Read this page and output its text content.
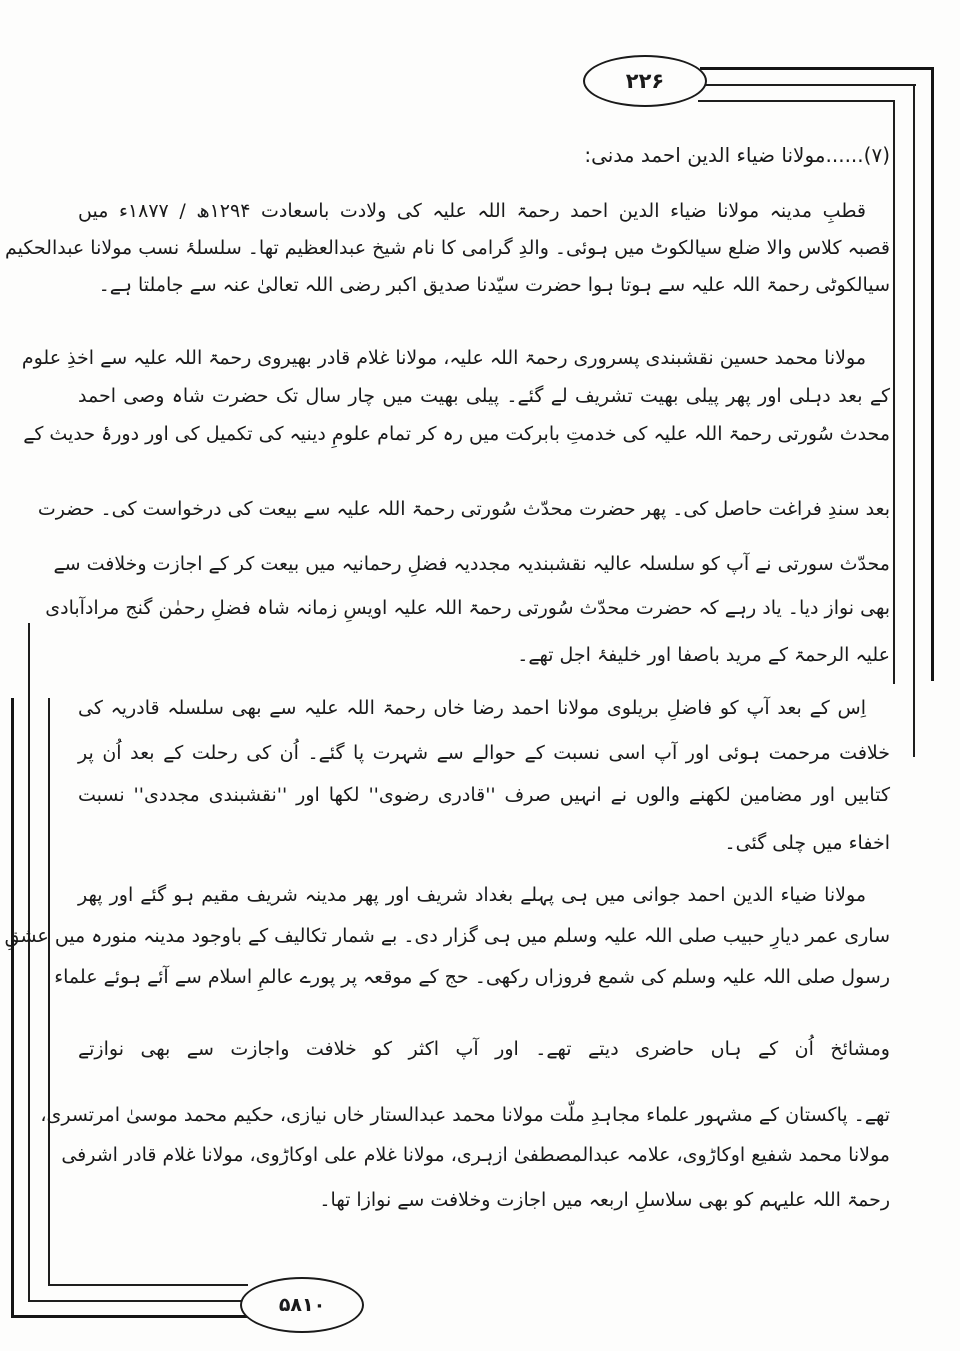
۲۲۶
۵۸۱۰
(۷)......مولانا ضیاء الدین احمد مدنی:
قطبِ مدینہ مولانا ضیاء الدین احمد رحمۃ اللہ علیہ کی ولادت باسعادت ۱۲۹۴ھ / ۱۸۷۷ء میں
قصبہ کلاس والا ضلع سیالکوٹ میں ہوئی۔ والدِ گرامی کا نام شیخ عبدالعظیم تھا۔ سلسلۂ نسب مولانا عبدالحکیم
سیالکوٹی رحمۃ اللہ علیہ سے ہوتا ہوا حضرت سیّدنا صدیق اکبر رضی اللہ تعالیٰ عنہ سے جاملتا ہے۔
مولانا محمد حسین نقشبندی پسروری رحمۃ اللہ علیہ، مولانا غلام قادر بھیروی رحمۃ اللہ علیہ سے اخذِ علوم
کے بعد دہلی اور پھر پیلی بھیت تشریف لے گئے۔ پیلی بھیت میں چار سال تک حضرت شاہ وصی احمد
محدث سُورتی رحمۃ اللہ علیہ کی خدمتِ بابرکت میں رہ کر تمام علومِ دینیہ کی تکمیل کی اور دورۂ حدیث کے
بعد سندِ فراغت حاصل کی۔ پھر حضرت محدّث سُورتی رحمۃ اللہ علیہ سے بیعت کی درخواست کی۔ حضرت
محدّث سورتی نے آپ کو سلسلہ عالیہ نقشبندیہ مجددیہ فضلِ رحمانیہ میں بیعت کر کے اجازت وخلافت سے
بھی نواز دیا۔ یاد رہے کہ حضرت محدّث سُورتی رحمۃ اللہ علیہ اویسِ زمانہ شاہ فضلِ رحمٰن گنج مرادآبادی
علیہ الرحمۃ کے مرید باصفا اور خلیفۂ اجل تھے۔
اِس کے بعد آپ کو فاضلِ بریلوی مولانا احمد رضا خاں رحمۃ اللہ علیہ سے بھی سلسلہ قادریہ کی
خلافت مرحمت ہوئی اور آپ اسی نسبت کے حوالے سے شہرت پا گئے۔ اُن کی رحلت کے بعد اُن پر
کتابیں اور مضامین لکھنے والوں نے انہیں صرف ''قادری رضوی'' لکھا اور ''نقشبندی مجددی'' نسبت
اخفاء میں چلی گئی۔
مولانا ضیاء الدین احمد جوانی میں ہی پہلے بغداد شریف اور پھر مدینہ شریف مقیم ہو گئے اور پھر
ساری عمر دیارِ حبیب صلی اللہ علیہ وسلم میں ہی گزار دی۔ بے شمار تکالیف کے باوجود مدینہ منورہ میں عشقِ
رسول صلی اللہ علیہ وسلم کی شمع فروزاں رکھی۔ حج کے موقعہ پر پورے عالمِ اسلام سے آئے ہوئے علماء
ومشائخ اُن کے ہاں حاضری دیتے تھے۔ اور آپ اکثر کو خلافت واجازت سے بھی نوازتے
تھے۔ پاکستان کے مشہور علماء مجاہدِ ملّت مولانا محمد عبدالستار خاں نیازی، حکیم محمد موسیٰ امرتسری،
مولانا محمد شفیع اوکاڑوی، علامہ عبدالمصطفیٰ ازہری، مولانا غلام علی اوکاڑوی، مولانا غلام قادر اشرفی
رحمۃ اللہ علیہم کو بھی سلاسلِ اربعہ میں اجازت وخلافت سے نوازا تھا۔
